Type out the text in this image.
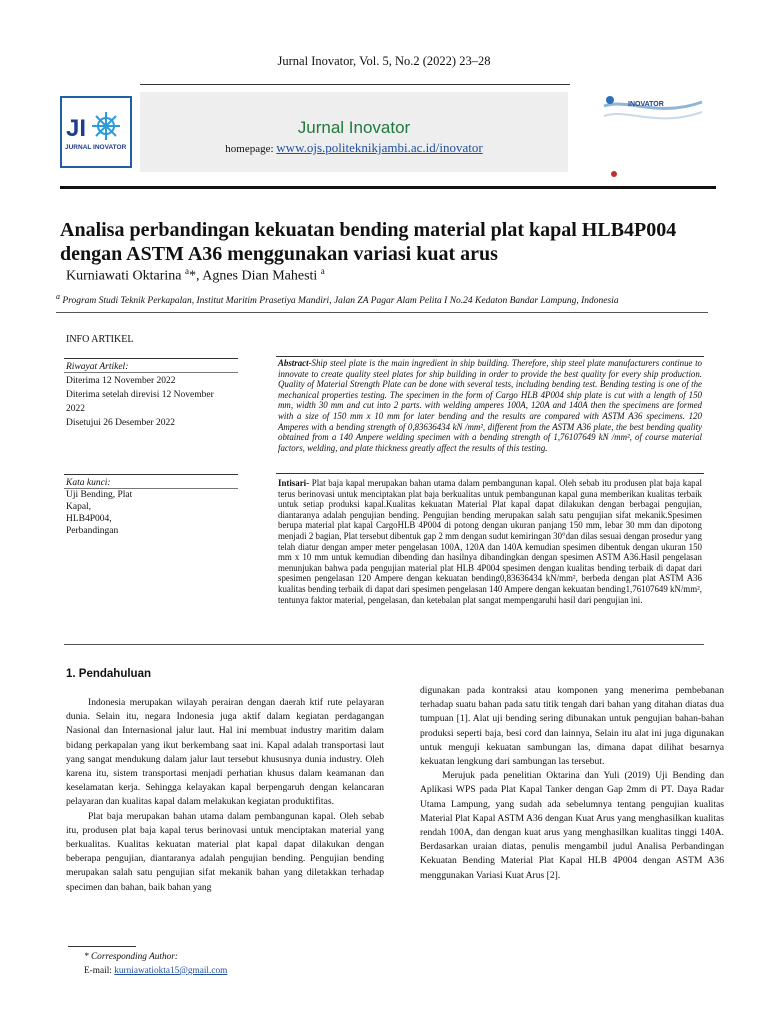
Jurnal Inovator, Vol. 5, No.2 (2022) 23–28
JI
JURNAL INOVATOR
Jurnal Inovator
homepage: www.ojs.politeknikjambi.ac.id/inovator
INOVATOR
Analisa perbandingan kekuatan bending material plat kapal HLB4P004 dengan ASTM A36 menggunakan variasi kuat arus
Kurniawati Oktarina $^a$*, Agnes Dian Mahesti $^a$
$^a$ Program Studi Teknik Perkapalan, Institut Maritim Prasetiya Mandiri, Jalan ZA Pagar Alam Pelita I No.24 Kedaton Bandar Lampung, Indonesia
INFO ARTIKEL
Riwayat Artikel:
Diterima 12 November 2022
Diterima setelah direvisi 12 November
2022
Disetujui 26 Desember 2022
Kata kunci:
Uji Bending, Plat
Kapal,
HLB4P004,
Perbandingan
Abstract-Ship steel plate is the main ingredient in ship building. Therefore, ship steel plate manufacturers continue to innovate to create quality steel plates for ship building in order to provide the best quality for every ship production. Quality of Material Strength Plate can be done with several tests, including bending test. Bending testing is one of the mechanical properties testing. The specimen in the form of Cargo HLB 4P004 ship plate is cut with a length of 150 mm, width 30 mm and cut into 2 parts. with welding amperes 100A, 120A and 140A then the specimens are formed with a size of 150 mm x 10 mm for later bending and the results are compared with ASTM A36 specimens. 120 Amperes with a bending strength of 0,83636434 kN /mm², different from the ASTM A36 plate, the best bending quality obtained from a 140 Ampere welding specimen with a bending strength of 1,76107649 kN /mm², of course material factors, welding, and plate thickness greatly affect the results of this testing.
Intisari- Plat baja kapal merupakan bahan utama dalam pembangunan kapal. Oleh sebab itu produsen plat baja kapal terus berinovasi untuk menciptakan plat baja berkualitas untuk pembangunan kapal guna memberikan kualitas terbaik untuk setiap produksi kapal.Kualitas kekuatan Material Plat kapal dapat dilakukan dengan berbagai pengujian, diantaranya adalah pengujian bending. Pengujian bending merupakan salah satu pengujian sifat mekanik.Spesimen berupa material plat kapal CargoHLB 4P004 di potong dengan ukuran panjang 150 mm, lebar 30 mm dan dipotong menjadi 2 bagian, Plat tersebut dibentuk gap 2 mm dengan sudut kemiringan 30°dan dilas sesuai dengan prosedur yang telah diatur dengan amper meter pengelasan 100A, 120A dan 140A kemudian spesimen dibentuk dengan ukuran 150 mm x 10 mm untuk kemudian dibending dan hasilnya dibandingkan dengan spesimen ASTM A36.Hasil pengelasan menunjukan bahwa pada pengujian material plat HLB 4P004 spesimen dengan kualitas bending terbaik di dapat dari spesimen pengelasan 120 Ampere dengan kekuatan bending0,83636434 kN/mm², berbeda dengan plat ASTM A36 kualitas bending terbaik di dapat dari spesimen pengelasan 140 Ampere dengan kekuatan bending1,76107649 kN/mm², tentunya faktor material, pengelasan, dan ketebalan plat sangat mempengaruhi hasil dari pengujian ini.
1. Pendahuluan

Indonesia merupakan wilayah perairan dengan daerah ktif rute pelayaran dunia. Selain itu, negara Indonesia juga aktif dalam kegiatan perdagangan Nasional dan Internasional jalur laut. Hal ini membuat industry maritim dalam bidang perkapalan yang ikut berkembang saat ini. Kapal adalah transportasi laut yang sangat mendukung dalam jalur laut tersebut khususnya dunia industry. Oleh karena itu, sistem transportasi menjadi perhatian khusus dalam keamanan dan keselamatan kerja. Sehingga kelayakan kapal berpengaruh dengan kelancaran pelayaran dan kualitas kapal dalam melakukan kegiatan produktifitas.

Plat baja merupakan bahan utama dalam pembangunan kapal. Oleh sebab itu, produsen plat baja kapal terus berinovasi untuk menciptakan material yang berkualitas. Kualitas kekuatan material plat kapal dapat dilakukan dengan beberapa pengujian, diantaranya adalah pengujian bending. Pengujian bending merupakan salah satu pengujian sifat mekanik bahan yang diletakkan terhadap specimen dan bahan, baik bahan yang

digunakan pada kontraksi atau komponen yang menerima pembebanan terhadap suatu bahan pada satu titik tengah dari bahan yang ditahan diatas dua tumpuan [1]. Alat uji bending sering dibunakan untuk pengujian bahan-bahan produksi seperti baja, besi cord dan lainnya, Selain itu alat ini juga digunakan untuk menguji kekuatan sambungan las, dimana dapat dilihat besarnya kekuatan lengkung dari sambungan las tersebut.

Merujuk pada penelitian Oktarina dan Yuli (2019) Uji Bending dan Aplikasi WPS pada Plat Kapal Tanker dengan Gap 2mm di PT. Daya Radar Utama Lampung, yang sudah ada sebelumnya tentang pengujian kualitas Material Plat Kapal ASTM A36 dengan Kuat Arus yang menghasilkan kualitas rendah 100A, dan dengan kuat arus yang menghasilkan kualitas tinggi 140A. Berdasarkan uraian diatas, penulis mengambil judul Analisa Perbandingan Kekuatan Bending Material Plat Kapal HLB 4P004 dengan ASTM A36 menggunakan Variasi Kuat Arus [2].

* Corresponding Author:
E-mail: kurniawatiokta15@gmail.com
